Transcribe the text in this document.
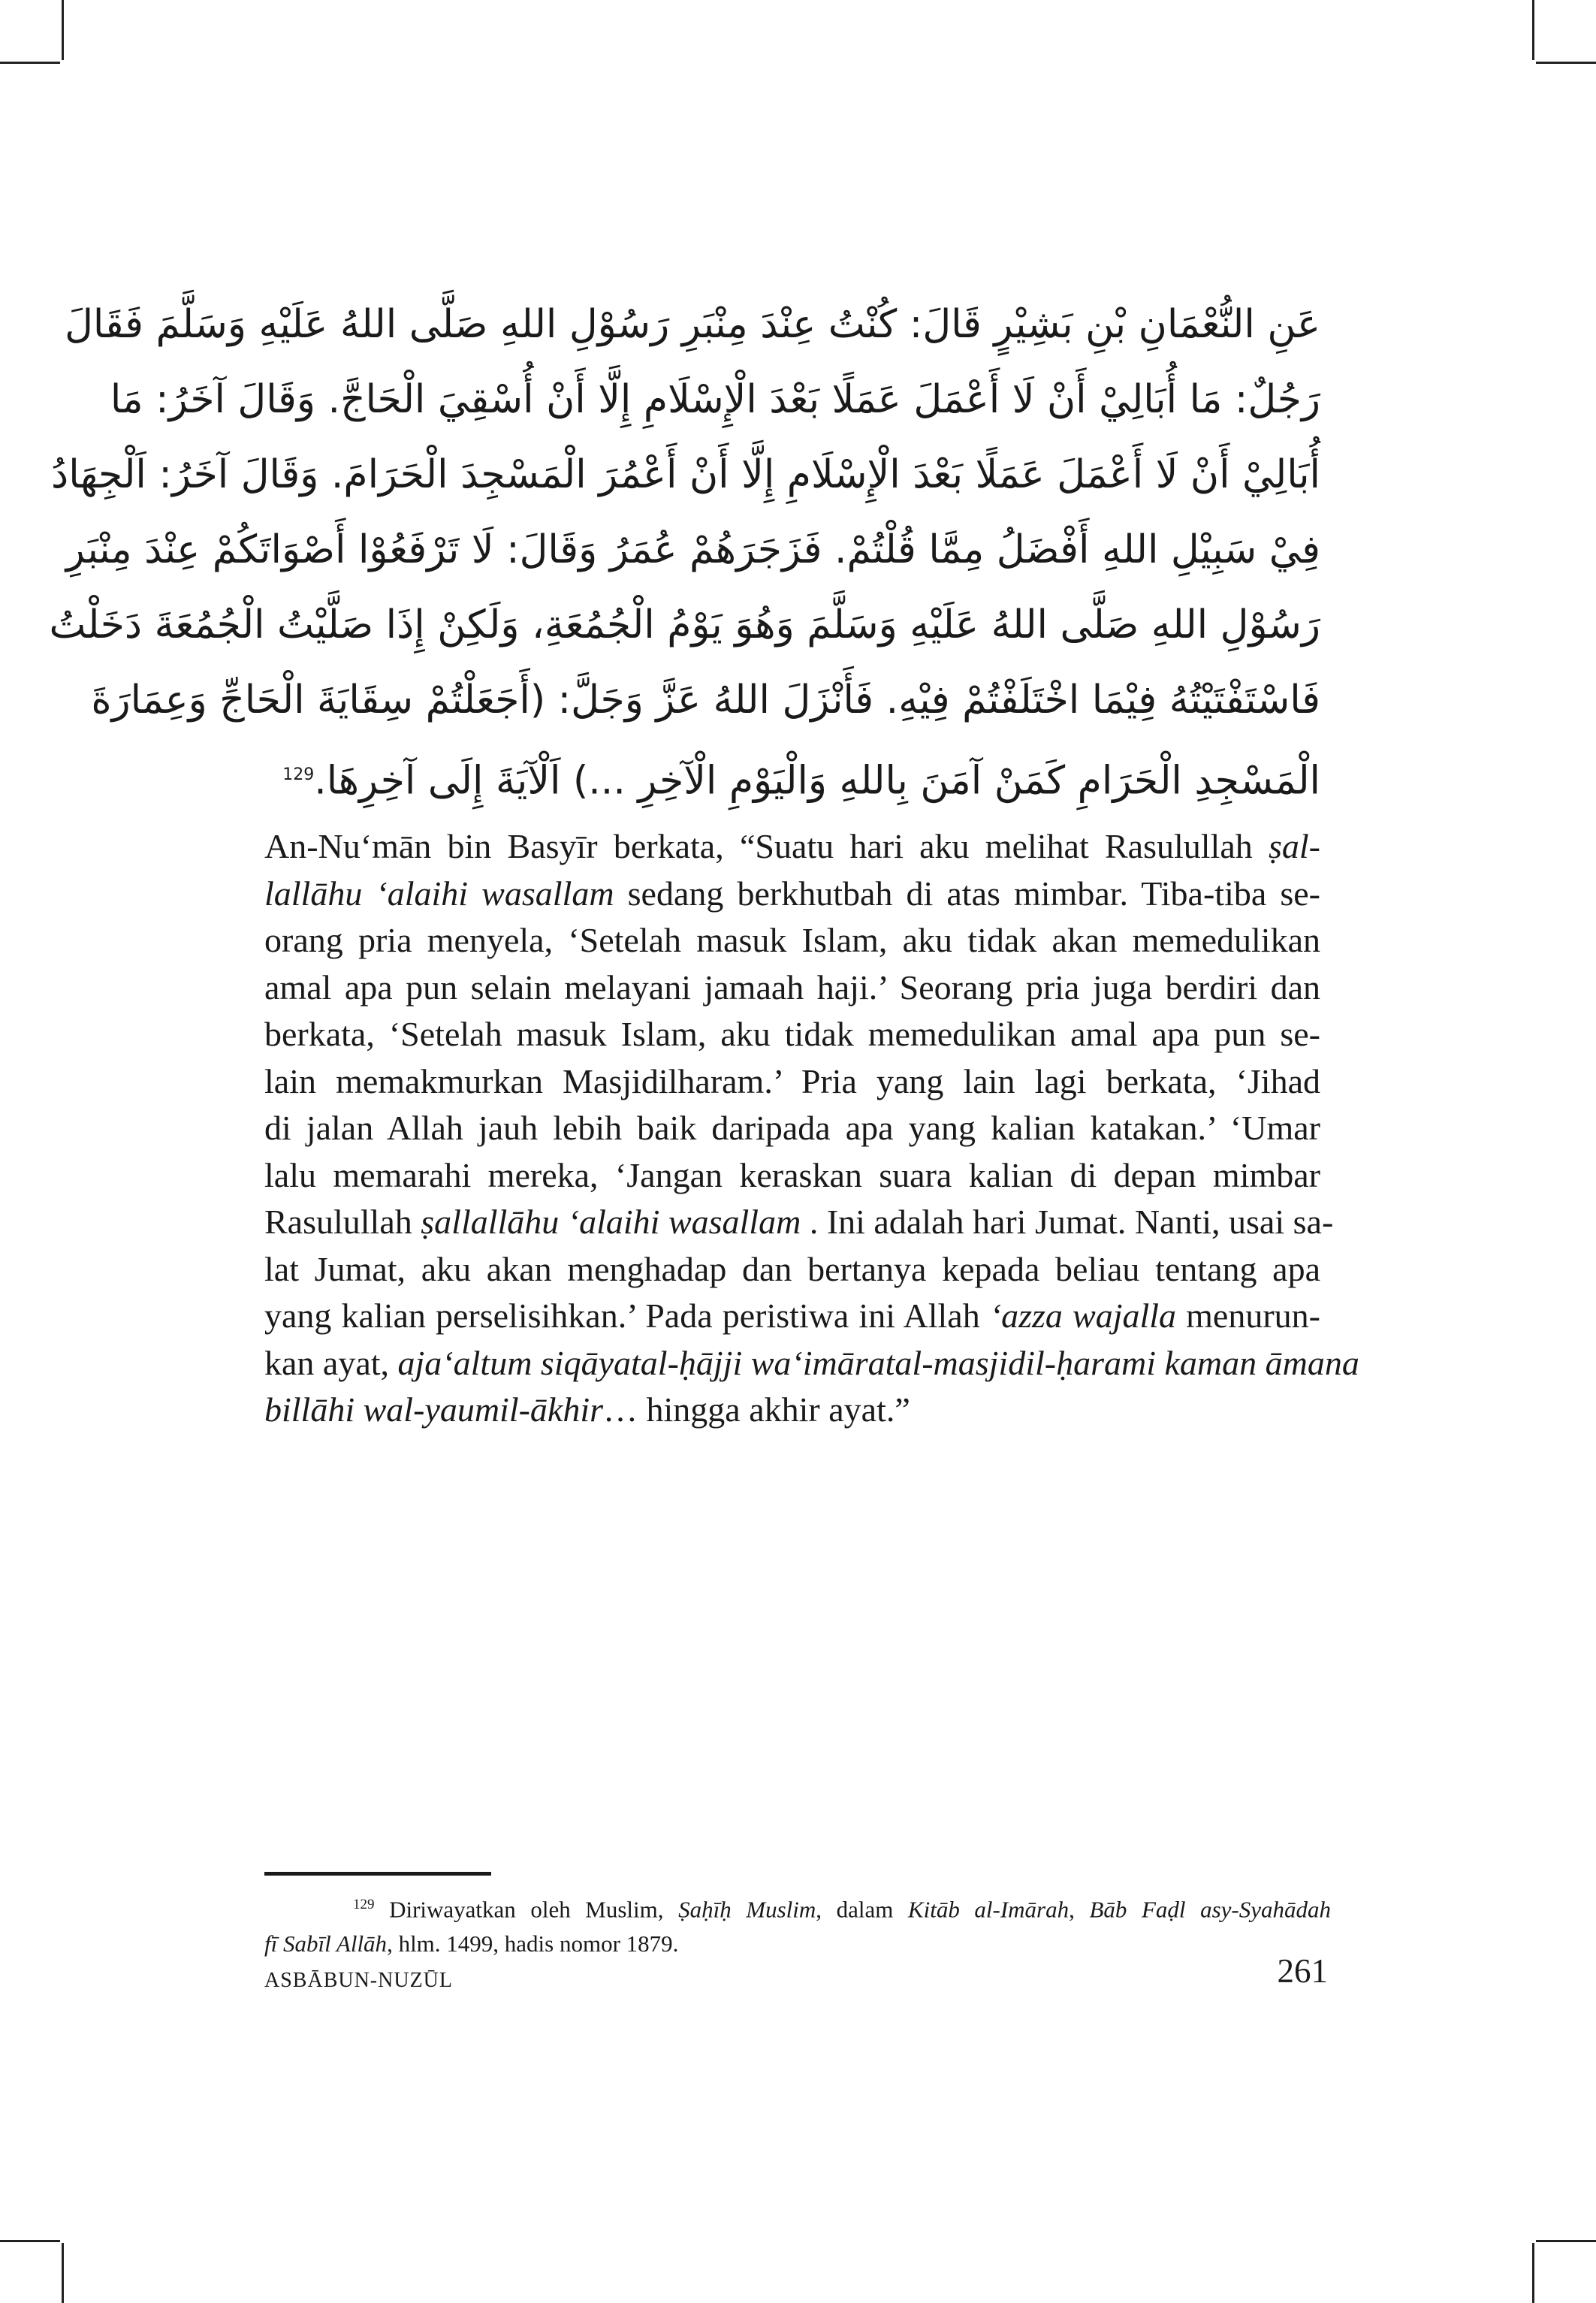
عَنِ النُّعْمَانِ بْنِ بَشِيْرٍ قَالَ: كُنْتُ عِنْدَ مِنْبَرِ رَسُوْلِ اللهِ صَلَّى اللهُ عَلَيْهِ وَسَلَّمَ فَقَالَ
رَجُلٌ: مَا أُبَالِيْ أَنْ لَا أَعْمَلَ عَمَلًا بَعْدَ الْإِسْلَامِ إِلَّا أَنْ أُسْقِيَ الْحَاجَّ. وَقَالَ آخَرُ: مَا
أُبَالِيْ أَنْ لَا أَعْمَلَ عَمَلًا بَعْدَ الْإِسْلَامِ إِلَّا أَنْ أَعْمُرَ الْمَسْجِدَ الْحَرَامَ. وَقَالَ آخَرُ: اَلْجِهَادُ
فِيْ سَبِيْلِ اللهِ أَفْضَلُ مِمَّا قُلْتُمْ. فَزَجَرَهُمْ عُمَرُ وَقَالَ: لَا تَرْفَعُوْا أَصْوَاتَكُمْ عِنْدَ مِنْبَرِ
رَسُوْلِ اللهِ صَلَّى اللهُ عَلَيْهِ وَسَلَّمَ وَهُوَ يَوْمُ الْجُمُعَةِ، وَلَكِنْ إِذَا صَلَّيْتُ الْجُمُعَةَ دَخَلْتُ
فَاسْتَفْتَيْتُهُ فِيْمَا اخْتَلَفْتُمْ فِيْهِ. فَأَنْزَلَ اللهُ عَزَّ وَجَلَّ: (أَجَعَلْتُمْ سِقَايَةَ الْحَاجِّ وَعِمَارَةَ
الْمَسْجِدِ الْحَرَامِ كَمَنْ آمَنَ بِاللهِ وَالْيَوْمِ الْآخِرِ ...) اَلْآيَةَ إِلَى آخِرِهَا.$^{129}$
An-Nuʻmān bin Basyīr berkata, “Suatu hari aku melihat Rasulullah ṣal-
lallāhu ‘alaihi wasallam sedang berkhutbah di atas mimbar. Tiba-tiba se-
orang pria menyela, ‘Setelah masuk Islam, aku tidak akan memedulikan
amal apa pun selain melayani jamaah haji.’ Seorang pria juga berdiri dan
berkata, ‘Setelah masuk Islam, aku tidak memedulikan amal apa pun se-
lain memakmurkan Masjidilharam.’ Pria yang lain lagi berkata, ‘Jihad
di jalan Allah jauh lebih baik daripada apa yang kalian katakan.’ ‘Umar
lalu memarahi mereka, ‘Jangan keraskan suara kalian di depan mimbar
Rasulullah ṣallallāhu ‘alaihi wasallam . Ini adalah hari Jumat. Nanti, usai sa-
lat Jumat, aku akan menghadap dan bertanya kepada beliau tentang apa
yang kalian perselisihkan.’ Pada peristiwa ini Allah ‘azza wajalla menurun-
kan ayat, aja‘altum siqāyatal-ḥājji wa‘imāratal-masjidil-ḥarami kaman āmana
billāhi wal-yaumil-ākhir… hingga akhir ayat.”
$^{129}$ Diriwayatkan oleh Muslim, Ṣaḥīḥ Muslim, dalam Kitāb al-Imārah, Bāb Faḍl asy-Syahādah
fī Sabīl Allāh, hlm. 1499, hadis nomor 1879.
ASBĀBUN-NUZŪL	261
